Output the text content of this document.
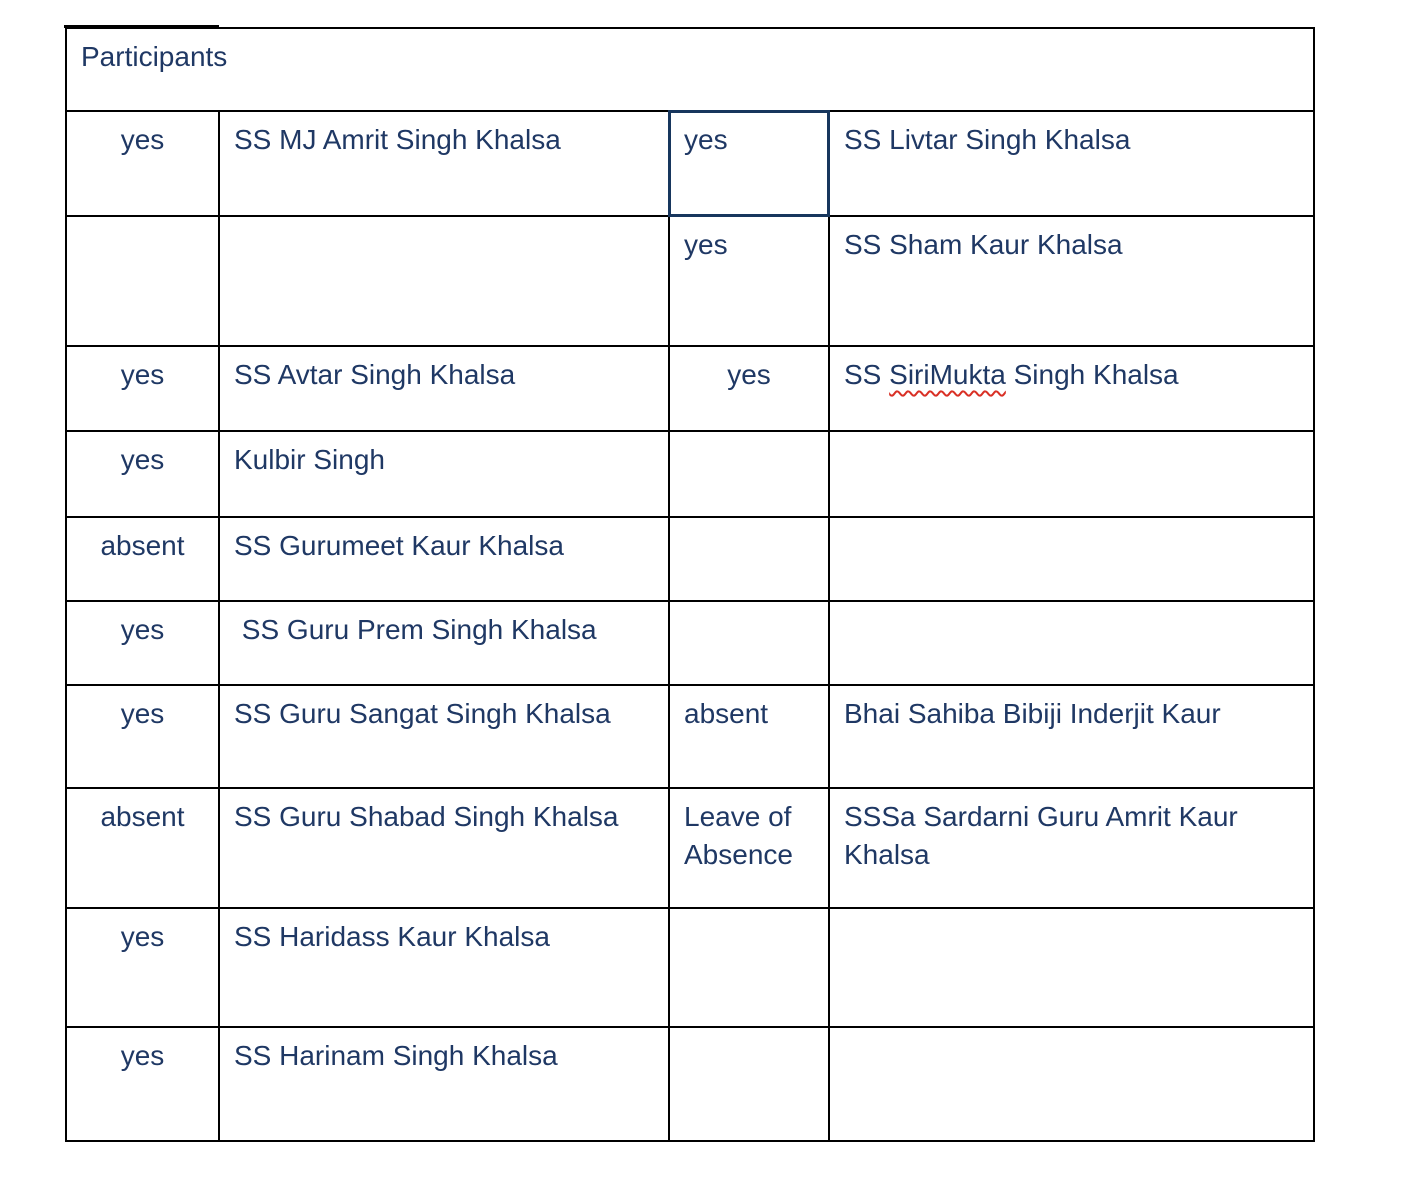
Participants			
yes	SS MJ Amrit Singh Khalsa	yes	SS Livtar Singh Khalsa
		yes	SS Sham Kaur Khalsa
yes	SS Avtar Singh Khalsa	yes	SS SiriMukta Singh Khalsa
yes	Kulbir Singh		
absent	SS Gurumeet Kaur Khalsa		
yes	SS Guru Prem Singh Khalsa		
yes	SS Guru Sangat Singh Khalsa	absent	Bhai Sahiba Bibiji Inderjit Kaur
absent	SS Guru Shabad Singh Khalsa	Leave of Absence	SSSa Sardarni Guru Amrit Kaur Khalsa
yes	SS Haridass Kaur Khalsa		
yes	SS Harinam Singh Khalsa		
